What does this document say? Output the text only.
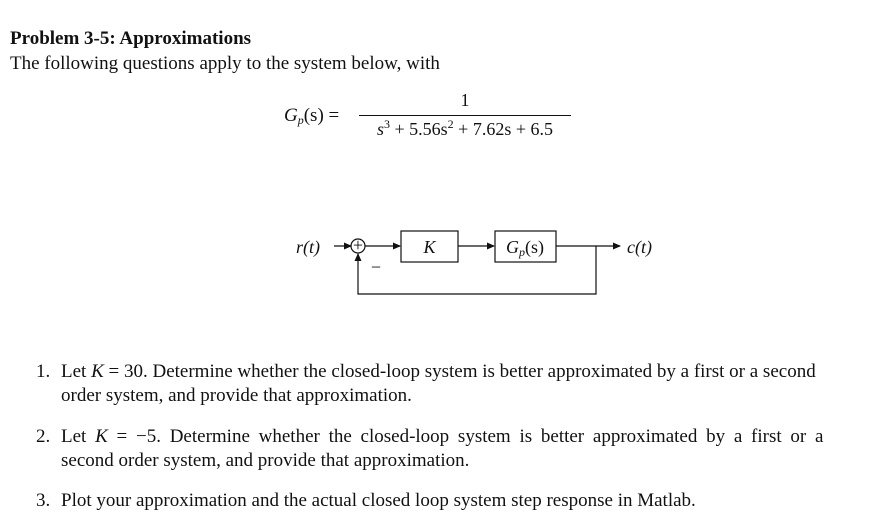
Problem 3-5: Approximations
The following questions apply to the system below, with
$G_p(s)$ =
1
$s^3 + 5.56s^2 + 7.62s + 6.5$
r(t) +
−
K	Gp(s)	c(t)
1. Let K = 30. Determine whether the closed-loop system is better approximated by a first or a second
order system, and provide that approximation.
2. Let K = −5. Determine whether the closed-loop system is better approximated by a first or a
second order system, and provide that approximation.
3. Plot your approximation and the actual closed loop system step response in Matlab.
